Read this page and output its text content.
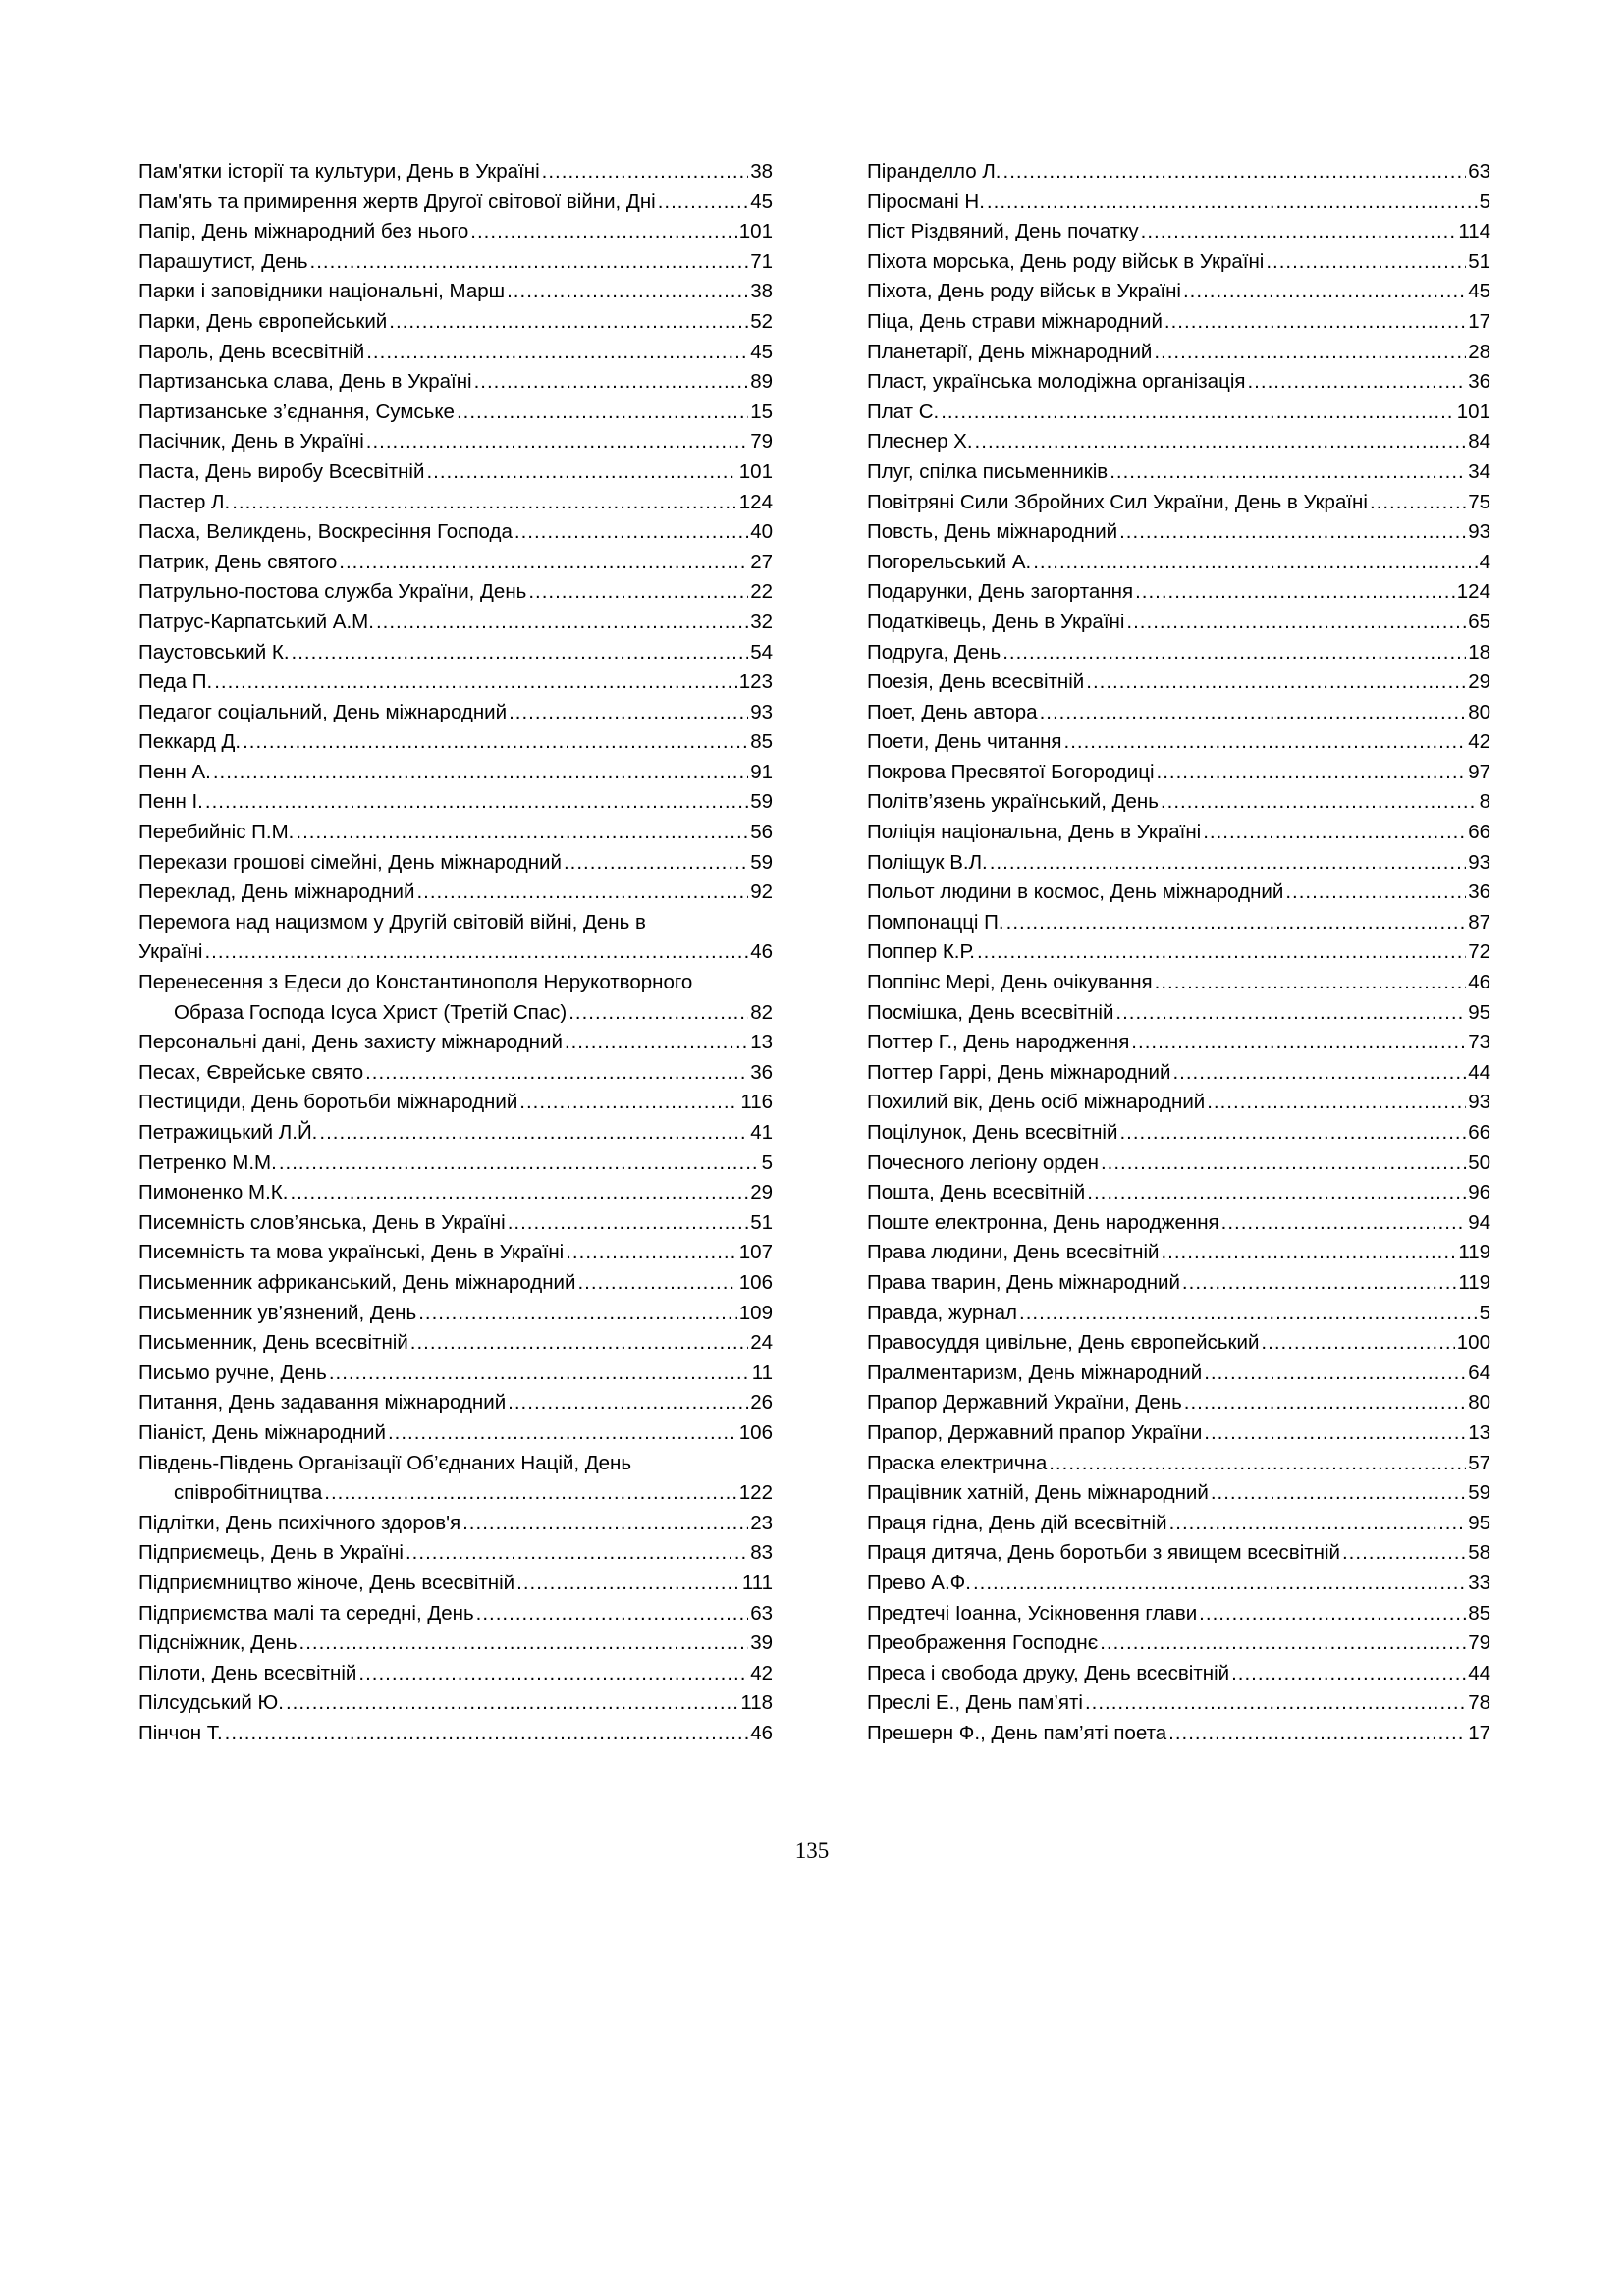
Пам'ятки історії та культури, День в Україні .....	38
Пам'ять та примирення жертв Другої світової війни, Дні .....	45
Папір, День міжнародний без нього .....	101
Парашутист, День .....	71
Парки і заповідники національні, Марш .....	38
Парки, День європейський .....	52
Пароль, День всесвітній .....	45
Партизанська слава, День в Україні .....	89
Партизанське з’єднання, Сумське .....	15
Пасічник, День в Україні .....	79
Паста, День виробу Всесвітній .....	101
Пастер Л. .....	124
Пасха, Великдень, Воскресіння Господа .....	40
Патрик, День святого .....	27
Патрульно-постова служба України, День .....	22
Патрус-Карпатський А.М. .....	32
Паустовський К. .....	54
Педа П. .....	123
Педагог соціальний, День міжнародний .....	93
Пеккард Д. .....	85
Пенн А. .....	91
Пенн І. .....	59
Перебийніс П.М. .....	56
Перекази грошові сімейні, День міжнародний .....	59
Переклад, День міжнародний .....	92
Перемога над нацизмом у Другій світовій війні, День в
Україні .....	46
Перенесення з Едеси до Константинополя Нерукотворного
Образа Господа Ісуса Христ (Третій Спас) .....	82
Персональні дані, День захисту міжнародний .....	13
Песах, Єврейське свято .....	36
Пестициди, День боротьби міжнародний .....	116
Петражицький Л.Й. .....	41
Петренко М.М. .....	5
Пимоненко М.К. .....	29
Писемність слов’янська, День в Україні .....	51
Писемність та мова українські, День в Україні .....	107
Письменник африканський, День міжнародний .....	106
Письменник ув’язнений, День .....	109
Письменник, День всесвітній .....	24
Письмо ручне, День .....	11
Питання, День задавання міжнародний .....	26
Піаніст, День міжнародний .....	106
Південь-Південь Організації Об’єднаних Націй, День
співробітництва .....	122
Підлітки, День психічного здоров'я .....	23
Підприємець, День в Україні .....	83
Підприємництво жіноче, День всесвітній .....	111
Підприємства малі та середні, День .....	63
Підсніжник, День .....	39
Пілоти, День всесвітній .....	42
Пілсудський Ю. .....	118
Пінчон Т. .....	46
Піранделло Л. .....	63
Піросмані Н. .....	5
Піст Різдвяний, День початку .....	114
Піхота морська, День роду військ в Україні .....	51
Піхота, День роду військ в Україні .....	45
Піца, День страви міжнародний .....	17
Планетарії, День міжнародний .....	28
Пласт, українська молодіжна організація .....	36
Плат С. .....	101
Плеснер Х. .....	84
Плуг, спілка письменників .....	34
Повітряні Сили Збройних Сил України, День в Україні .....	75
Повсть, День міжнародний .....	93
Погорельський А. .....	4
Подарунки, День загортання .....	124
Податківець, День в Україні .....	65
Подруга, День .....	18
Поезія, День всесвітній .....	29
Поет, День автора .....	80
Поети, День читання .....	42
Покрова Пресвятої Богородиці .....	97
Політв’язень український, День .....	8
Поліція національна, День в Україні .....	66
Поліщук В.Л. .....	93
Польот людини в космос, День міжнародний .....	36
Помпонацці П. .....	87
Поппер К.Р. .....	72
Поппінс Мері, День очікування .....	46
Посмішка, День всесвітній .....	95
Поттер Г., День народження .....	73
Поттер Гаррі, День міжнародний .....	44
Похилий вік, День осіб міжнародний .....	93
Поцілунок, День всесвітній .....	66
Почесного легіону орден .....	50
Пошта, День всесвітній .....	96
Поште електронна, День народження .....	94
Права людини, День всесвітній .....	119
Права тварин, День міжнародний .....	119
Правда, журнал .....	5
Правосуддя цивільне, День європейський .....	100
Пралментаризм, День міжнародний .....	64
Прапор Державний України, День .....	80
Прапор, Державний прапор України .....	13
Праска електрична .....	57
Працівник хатній, День міжнародний .....	59
Праця гідна, День дій всесвітній .....	95
Праця дитяча, День боротьби з явищем всесвітній .....	58
Прево А.Ф. .....	33
Предтечі Іоанна, Усікновення глави .....	85
Преображення Господнє .....	79
Преса і свобода друку, День всесвітній .....	44
Преслі Е., День пам’яті .....	78
Прешерн Ф., День пам’яті поета .....	17
135
